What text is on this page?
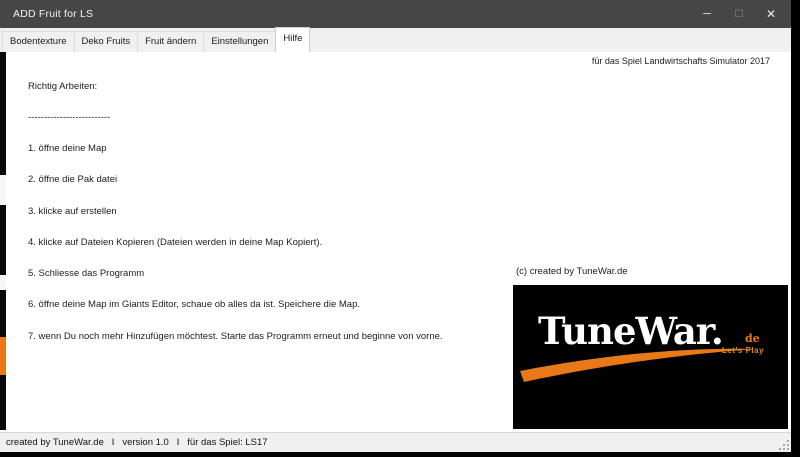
ADD Fruit for LS	─	☐	✕
Bodentexture	Deko Fruits	Fruit ändern	Einstellungen	Hilfe
für das Spiel Landwirtschafts Simulator 2017

Richtig Arbeiten:

--------------------------

1. öffne deine Map

2. öffne die Pak datei

3. klicke auf erstellen

4. klicke auf Dateien Kopieren (Dateien werden in deine Map Kopiert).

5. Schliesse das Programm

6. öffne deine Map im Giants Editor, schaue ob alles da ist. Speichere die Map.

7. wenn Du noch mehr Hinzufügen möchtest. Starte das Programm erneut und beginne von vorne.

(c) created by TuneWar.de
TuneWar. de
Let's Play
created by TuneWar.de   I   version 1.0   I   für das Spiel: LS17
